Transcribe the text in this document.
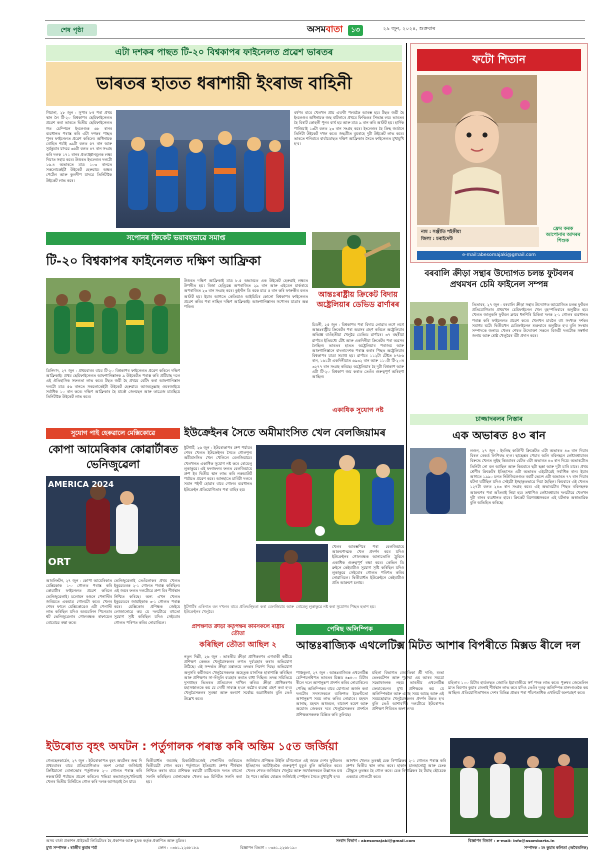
শেষ পৃষ্ঠা	অসমবাতা ১৩	২৯ জুন, ২০২৪, শুক্ৰবাৰ
এটা দশকৰ পাছত টি-২০ বিশ্বকাপৰ ফাইনেলত প্ৰৱেশ ভাৰতৰ
ভাৰতৰ হাতত ধৰাশায়ী ইংৰাজ বাহিনী
গিয়ানা, ২৮ জুন : সুপাৰ ৮ৰ পৰা প্ৰথম স্থান লৈ টি-২০ বিশ্বকাপৰ ছেমিফাইনেলত প্ৰৱেশ কৰা ভাৰতে দ্বিতীয় ছেমিফাইনেলত গত চেম্পিয়ন ইংলেণ্ডক ৬৮ ৰানৰ ব্যৱধানত পৰাস্ত কৰি এটা দশকৰ পাছত পুনৰ ফাইনেলত প্ৰৱেশ কৰিলে। অধিনায়ক ৰোহিত শৰ্মাই ৩৯টা বলত ৫৭ ৰান আৰু সূৰ্যকুমাৰ যাদৱে ৩৬টা বলত ৪৭ ৰান সংগ্ৰহ কৰি দলক ১৭১ ৰানৰ প্ৰত্যাহ্বানমূলক লক্ষ্য দিয়াত সহায় কৰে। উত্তৰত ইংলেণ্ডৰ দলটো ১৬.৪ অভাৰতে মাত্ৰ ১০৩ ৰানতে সকলোকেইটা উইকেট হেৰুৱায়। অক্ষৰ পেটেল আৰু কুলদীপ যাদৱে তিনিটাকৈ উইকেট লাভ কৰে।
বৰ্ষণৰ বাবে খেলখন প্ৰায় এঘণ্টা পলমকৈ আৰম্ভ হয়। টছত জয়ী হৈ ইংলেণ্ডৰ অধিনায়ক জছ বাটলাৰে প্ৰথমে ফিল্ডিঙৰ সিদ্ধান্ত লয়। ভাৰতৰ হৈ বিৰাট কোহলী পুনৰ ব্যৰ্থ হয় আৰু মাত্ৰ ৯ ৰান কৰি আউট হয়। হাৰ্দিক পাণ্ডিয়াই ১৩টা বলত ২৩ ৰান সংগ্ৰহ কৰে। ইংলেণ্ডৰ হৈ ক্ৰিছ জৰ্ডানে তিনিটা উইকেট দখল কৰে। জছপ্ৰীত বুমৰাহে দুটা উইকেট লাভ কৰে। ভাৰতে শনিবাৰে বাৰ্বাডোছত দক্ষিণ আফ্ৰিকাৰ সৈতে ফাইনেলত মুখামুখি হ'ব।
ফটো শিতান
ফ্ৰেম কৰক আপোনাৰ আদৰৰ শিশুক
নাম : সঞ্জীতি শইকীয়া
জিলা : চৰাইদেউ
e-mail:abesomajaki@gmail.com
সপোনৰ ক্ৰিকেট ভয়াবহভাৱে সমাপ্ত
টি-২০ বিশ্বকাপৰ ফাইনেলত দক্ষিণ আফ্ৰিকা
ত্ৰিনিদাদ, ২৭ জুন : প্ৰথমবাৰৰ বাবে টি-২০ বিশ্বকাপৰ ফাইনেলত প্ৰৱেশ কৰিলে দক্ষিণ আফ্ৰিকাই। প্ৰথম ছেমিফাইনেলত আফগানিস্তানক ৯ উইকেটত পৰাস্ত কৰি প্ৰটিয়াছ দলে এই ঐতিহাসিক সফলতা লাভ কৰে। টছত জয়ী হৈ প্ৰথমে বেটিং কৰা আফগানিস্তান দলটো মাত্ৰ ৫৬ ৰানতে সকলোকেইটা উইকেট হেৰুৱায়। আজমতুল্লাহ ওমৰজাইয়ে সৰ্বাধিক ১০ ৰান কৰে। দক্ষিণ আফ্ৰিকাৰ হৈ মাৰ্কো জেনছেন আৰু তাব্ৰেজ চামছিয়ে তিনিটাকৈ উইকেট লাভ কৰে।
উত্তৰত দক্ষিণ আফ্ৰিকাই মাত্ৰ ৮.৫ অভাৰতে এক উইকেট হেৰুৱাই লক্ষ্যত উপনীত হয়। ৰিজা হেণ্ড্ৰিক্সে অপৰাজিত ২৯ ৰান আৰু এইডেন মাৰ্কৰামে অপৰাজিত ২৩ ৰান সংগ্ৰহ কৰে। কুইণ্টন ডি ককে মাত্ৰ ৫ ৰান কৰি ফাৰুকীৰ বলত আউট হয়। ইয়াৰ আগতে কেতিয়াও আইচিচিৰ কোনো বিশ্বকাপৰ ফাইনেলত প্ৰৱেশ কৰিব পৰা নাছিল দক্ষিণ আফ্ৰিকাই। আফগানিস্তানৰ সপোনৰ যাত্ৰাৰ অন্ত পৰিল।
আন্তঃৰাষ্ট্ৰীয় ক্ৰিকেট বিদায় অষ্ট্ৰেলিয়াৰ ডেভিড ৱাৰ্ণাৰৰ
চিডনী, ২৫ জুন : বিশ্বকাপৰ পৰা বিদায় লোৱাৰ লগে লগে আন্তঃৰাষ্ট্ৰীয় ক্ৰিকেটৰ পৰা অৱসৰ গ্ৰহণ কৰিলে অষ্ট্ৰেলিয়াৰ অভিজ্ঞ বাওঁহতীয়া খেলুৱৈ ডেভিড ৱাৰ্ণাৰে। ৩৭ বছৰীয়া ৱাৰ্ণাৰে ইতিমধ্যে টেষ্ট আৰু একদিনীয়া ক্ৰিকেটৰ পৰা অৱসৰ লৈছিল। ভাৰতৰ হাতত অষ্ট্ৰেলিয়াৰ পৰাজয় আৰু আফগানিস্তানে বাংলাদেশক পৰাস্ত কৰাৰ পিছত অষ্ট্ৰেলিয়াৰ বিশ্বকাপৰ যাত্ৰা সমাপ্ত হয়। ৱাৰ্ণাৰে ১১২টা টেষ্টত ৮৭৮৬ ৰান, ১৬১টা একদিনীয়াত ৬৯৩২ ৰান আৰু ১১০টা টি-২০ত ৩২৭৭ ৰান সংগ্ৰহ কৰিছে। অষ্ট্ৰেলিয়াৰ হৈ দুটা বিশ্বকাপ আৰু এটা টি-২০ বিশ্বকাপ জয় কৰাত তেওঁৰ গুৰুত্বপূৰ্ণ অৰিহণা আছিল।
বৰবালি ক্ৰীড়া সন্থাৰ উদ্যোগত চলন্ত ফুটবলৰ প্ৰথমখন চেমি ফাইনেল সম্পন্ন
তিতাবৰ, ২৭ জুন : বৰবালি ক্ৰীড়া সন্থাৰ উদ্যোগত আয়োজিত চলন্ত ফুটবল প্ৰতিযোগিতাৰ প্ৰথমখন চেমিফাইনেল খেল বৃহস্পতিবাৰে অনুষ্ঠিত হয়। খেলত জালুকনি ফুটবল ক্লাবে ধনশিৰি চিকিৰা দলক ২-১ গোলৰ ব্যৱধানত পৰাস্ত কৰি ফাইনেলত প্ৰৱেশ কৰে। খেলখন চাবলৈ বহু সংখ্যক দৰ্শকৰ সমাগম ঘটে। দ্বিতীয়খন চেমিফাইনেল শুক্ৰবাৰে অনুষ্ঠিত হ'ব বুলি সংস্থাৰ সম্পাদকে জনায়। খেলৰ শেষত উদ্যোক্তা সকলে বিজয়ী দলটোক সম্বৰ্ধনা জনায় আৰু শ্ৰেষ্ঠ খেলুৱৈৰ বঁটা প্ৰদান কৰে।
একাধিক সুযোগ নষ্ট
ইউক্ৰেইনৰ সৈতে অমীমাংসিত খেল বেলজিয়ামৰ
ষ্টুটগাৰ্ট, ২৬ জুন : ইউৰোকাপৰ গ্ৰুপ পৰ্যায়ৰ শেষৰ খেলত ইউক্ৰেইনৰ সৈতে গোলশূন্য অমীমাংসিত খেল খেলিলে বেলজিয়ামে। খেলখনত একাধিক সুযোগ নষ্ট কৰে ৰোমেলু লুকাকুৱে। এই ফলাফলৰ ফলত বেলজিয়ামে গ্ৰুপ ইৰ দ্বিতীয় স্থান লাভ কৰি নকআউট পৰ্যায়ত প্ৰৱেশ কৰে। আনহাতে চাৰিটা দলৰে সমান পইণ্ট হোৱাৰ বাবে গোলৰ ব্যৱধানত ইউক্ৰেইন প্ৰতিযোগিতাৰ পৰা বাহিৰ হয়।
খেলৰ আৰম্ভণিৰে পৰা বেলজিয়ামে আক্ৰমণাত্মক খেল প্ৰদৰ্শন কৰে যদিও ইউক্ৰেইনৰ গোলৰক্ষক আনাতোলি ট্ৰুবিনে একাধিক গুৰুত্বপূৰ্ণ ৰক্ষা কৰে। কেভিন ডি ব্ৰুইনে কেইবাটাও সুযোগ সৃষ্টি কৰিছিল যদিও লুকাকুৱে সেইবোৰ গোলত পৰিণত কৰিব নোৱাৰিলে। দ্বিতীয়াৰ্ধত ইউক্ৰেইনে কেইবাটাও প্ৰতি আক্ৰমণ চলায়।
সুযোগ পাই হেৰুৱালে মেক্সিকোৱে
কোপা আমেৰিকাৰ কোৱাৰ্টাৰত ভেনিজুৱেলা
AMERICA 2024
ORT
আৰলিংটন, ২৭ জুন : কোপা আমেৰিকাত মেক্সিকোক ১-০ গোলত পৰাস্ত কৰি কোৱাৰ্টাৰ ফাইনেলত প্ৰৱেশ কৰিলে ভেনিজুৱেলাই। চলোমন ৰণ্ডনে পেনাল্টিৰ জৰিয়তে একমাত্ৰ গোলটো কৰে। খেলৰ শেষৰ ফালে মেক্সিকোৱেও এটা পেনাল্টি লাভ কৰিছিল যদিও অৰবেলিন পিনেডাৰ শ্বট ভেনিজুৱেলাৰ গোলৰক্ষক ৰাফায়েল ৰোমোৱে ৰক্ষা কৰে।
ভেনিজুৱেলাই তেওঁলোকৰ প্ৰথম খেলত ইকুৱেডৰক ২-১ গোলত পৰাস্ত কৰিছিল। এই জয়ৰ ফলত দলটোৱে গ্ৰুপ বিৰ শীৰ্ষস্থান নিশ্চিত কৰিছে। অন্য এখন খেলত ইকুৱেডৰে জামাইকাক ৩-১ গোলত পৰাস্ত কৰে। মেক্সিকোৰ প্ৰশিক্ষক জেইমে লোজানোৱে কয় যে দলটোৱে বহুতো সুযোগ সৃষ্টি কৰিছিল যদিও সেইবোৰ গোলত পৰিণত কৰিব নোৱাৰিলে।
ষ্টুটগাৰ্টৰ এৰিনাত বল দখলৰ বাবে প্ৰতিদ্বন্দ্বিতা কৰা বেলজিয়াম আৰু ইউক্ৰেইনৰ খেলুৱৈ।
ৰোমেলু লুকাকুৱে নষ্ট কৰা সুযোগৰ পিছত হতাশ হয়।
প্ৰশিক্ষণত ক্ৰীড়া কৰ্তৃপক্ষৰ কৰ্মিসকলে ৰাষ্ট্ৰীয় তৌতা
কৰিছিল তৌতা আছিল ২
নতুন দিল্লী, ২৬ জুন : ভাৰতীয় ক্ৰীড়া প্ৰাধিকৰণৰ এগৰাকী কৰ্মীয়ে প্ৰশিক্ষণ কেন্দ্ৰত খেলুৱৈসকলৰ লগত দুৰ্ব্যৱহাৰ কৰাৰ অভিযোগ উঠিছে। এই সন্দৰ্ভত ক্ৰীড়া মন্ত্ৰালয়ে তদন্তৰ নিৰ্দেশ দিছে। অভিযোগ অনুসৰি কৰ্মীজনে খেলুৱৈসকলক অহেতুক মানসিক হাৰাশাস্তি কৰিছিল আৰু প্ৰশিক্ষণৰ সা-সঁজুলি ব্যৱহাৰ কৰাত বাধা দিছিল। তদন্ত সমিতিয়ে দুসপ্তাহৰ ভিতৰত প্ৰতিবেদন দাখিল কৰিব। ক্ৰীড়া প্ৰাধিকৰণৰ মহাসঞ্চালকে কয় যে দোষী সাব্যস্ত হ'লে কঠোৰ ব্যৱস্থা গ্ৰহণ কৰা হ'ব। খেলুৱৈসকলৰ সুৰক্ষা আৰু কল্যাণ সৰ্বোচ্চ অগ্ৰাধিকাৰ বুলি তেওঁ উল্লেখ কৰে।
চাজ্জাদৰলৰ নিস্তাৰ
এক অভাৰত ৪৩ ৰান
লণ্ডন, ২৭ জুন : ইংলিছ কাউণ্টি ক্ৰিকেটত এটা অভাৰত ৪৩ ৰান দিয়াৰ বিৰল ৰেকৰ্ড লিপিবদ্ধ হ'ল। ছাছেক্সৰ পেচাৰ অলি ৰবিনছনে লেষ্টাৰশ্বায়াৰৰ বিৰুদ্ধে খেলত লুইছ কিমবাৰৰ বেটত এটা অভাৰত ৪৩ ৰান দিয়ে। অভাৰটোত তিনিটা নো বল আছিল আৰু কিমবাৰে ছটা ছক্কা আৰু দুটা চাৰি মাৰে। প্ৰথম শ্ৰেণীৰ ক্ৰিকেটৰ ইতিহাসত এটা অভাৰত এইটোৱেই সৰ্বাধিক ৰান। ইয়াৰ আগতে ১৯৯০ চনত নিউজিলেণ্ডত ৰবাৰ্ট ভেন্সে এটা অভাৰত ৭৭ ৰান দিয়াৰ ঘটনা ঘটিছিল যদিও সেইটো ইচ্ছাকৃতভাৱে দিয়া হৈছিল। কিমবাৰে এই খেলত ১২৭টা বলত ২৪৩ ৰান সংগ্ৰহ কৰে। এই অভাৰটোৰ পিছত ৰবিনছনক আক্ৰমণৰ পৰা আঁতৰাই নিয়া হয়। তথাপিও লেষ্টাৰশ্বায়াৰ দলটোৱে খেলখন দুটা ৰানৰ ব্যৱধানত হাৰে। ক্ৰিকেট বিশেষজ্ঞসকলে এই ঘটনাক অস্বাভাৱিক বুলি অভিহিত কৰিছে।
পেৰিছ অলিম্পিক
আন্তঃৰাজ্যিক এথলেটিক্স মিটত আশাৰ বিপৰীতে মিক্সড ৰীলে দল
পাঞ্চকুলা, ২৭ জুন : আন্তঃৰাজ্যিক এথলেটিক্স চেম্পিয়নশ্বিপত ভাৰতৰ মিক্সড ৪x৪০০ মিটাৰ ৰীলে দলে আশানুৰূপ প্ৰদৰ্শন কৰিব নোৱাৰিলে। পেৰিছ অলিম্পিকৰ বাবে যোগ্যতা অৰ্জন কৰা দলটোৰ সদস্যসকলে ব্যক্তিগত ইভেণ্টতো আশানুৰূপ সময় লাভ কৰিব নোৱাৰে। মহম্মদ আনাছ, মহম্মদ আজমল, ৰাজেশ ৰমেশ আৰু অমোজ জেকবৰ দৰে খেলুৱৈসকলৰ প্ৰদৰ্শনে প্ৰশিক্ষকসকলক চিন্তিত কৰি তুলিছে।
মহিলা বিভাগত জ্যোতিকা শ্ৰী দাণ্ডি, শুভা ভেংকটেশন আৰু পুৱাম্মা এম আৰৰ সময়ো সন্তোষজনক নহয়। ভাৰতীয় এথলেটিক্স ফেডাৰেচনৰ মুখ্য প্ৰশিক্ষকে কয় যে অলিম্পিকলৈ আৰু এমাহ সময় আছে আৰু এই সময়ছোৱাত খেলুৱৈসকলৰ প্ৰদৰ্শন উন্নত হ'ব বুলি তেওঁ আশাবাদী। দলটোৱে ইউৰোপত প্ৰশিক্ষণ শিবিৰত অংশ ল'ব।
মহিলাৰ ১০০ মিটাৰ হাৰ্ডলছত জ্যোতি ইয়াৰাজীয়ে স্বৰ্ণ পদক লাভ কৰে। পুৰুষৰ জেভেলিন থ্ৰ'ত কিশোৰ কুমাৰ জেনাই শীৰ্ষস্থান লাভ কৰে যদিও তেওঁৰ দূৰত্ব অলিম্পিক মানদণ্ডতকৈ কম আছিল। প্ৰতিযোগিতাখনত দেশৰ বিভিন্ন প্ৰান্তৰ পৰা পাঁচশতাধিক এথলিটে অংশগ্ৰহণ কৰে।
ইউৰোত বৃহৎ অঘটন : পৰ্তুগালক পৰাস্ত কৰি অন্তিম ১৫ত জৰ্জিয়া
গেলছেনকাৰ্চেন, ২৭ জুন : ইউৰোকাপত বৃহৎ অঘটনৰ জন্ম দি প্ৰথমবাৰৰ বাবে প্ৰতিযোগিতাত অংশ লোৱা জৰ্জিয়াই ক্ৰিষ্টিয়ানো ৰোনাল্ডোৰ পৰ্তুগালক ২-০ গোলত পৰাস্ত কৰি নকআউট পৰ্যায়ত প্ৰৱেশ কৰিলে। খভিচা কভাৰাত্‌স্‌খেলিয়াই খেলৰ দ্বিতীয় মিনিটতে গোল কৰি দলক আগবঢ়াই লৈ যায়।
দ্বিতীয়াৰ্ধত জৰ্জেছ মিকাউটাডজেই পেনাল্টিৰ জৰিয়তে দ্বিতীয়টো গোল কৰে। পৰ্তুগালে ইতিমধ্যে গ্ৰুপৰ শীৰ্ষস্থান নিশ্চিত কৰাৰ বাবে প্ৰশিক্ষক ৰবাৰ্টো মাৰ্টিনেজে দলত বহুতো সলনি কৰিছিল। ৰোনাল্ডোক খেলৰ ৬৬ মিনিটত সলনি কৰা হয়।
জৰ্জিয়াৰ প্ৰশিক্ষক উইলি চাঁগনোলে এই জয়ক দেশৰ ফুটবলৰ ইতিহাসৰ আটাইতকৈ গুৰুত্বপূৰ্ণ মুহূৰ্ত বুলি অভিহিত কৰে। খেলৰ শেষত জৰ্জিয়াৰ খেলুৱৈ আৰু সমৰ্থকসকলে উল্লাসত মত্ত হৈ পৰে। অন্তিম ষোল্লত জৰ্জিয়াই স্পেইনৰ সৈতে মুখামুখি হ'ব।
আনখন খেলত তুৰস্কই চেক ৰিপাব্লিকক ২-১ গোলত পৰাস্ত কৰি গ্ৰুপৰ দ্বিতীয় স্থান লাভ কৰে। হাকান চালহানোগ্লু আৰু চেংক টোছুনে তুৰস্কৰ হৈ গোল কৰে। চেক ৰিপাব্লিকৰ হৈ টমাছ ছৌচেকে একমাত্ৰ গোলটো কৰে।
অসম বাৰ্তা প্ৰকাশন প্ৰাইভেট লিমিটেডৰ হৈ প্ৰকাশক আৰু মুদ্ৰক কৰ্তৃক প্ৰকাশিত আৰু মুদ্ৰিত।
মুখ্য সম্পাদক : ৰাজীব কুমাৰ শৰ্মা	ফোন : ০৩৬১-২২৬৮১৮৯	বিজ্ঞাপন বিভাগ : ০৩৬১-২২৬৮১৯০
সংবাদ বিভাগ : abesomajaki@gmail.com	বিজ্ঞাপন বিভাগ : e-mail: info@asombarta.in
সম্পাদক : মং কুমাৰ কলিতা (অবৈতনিক)
